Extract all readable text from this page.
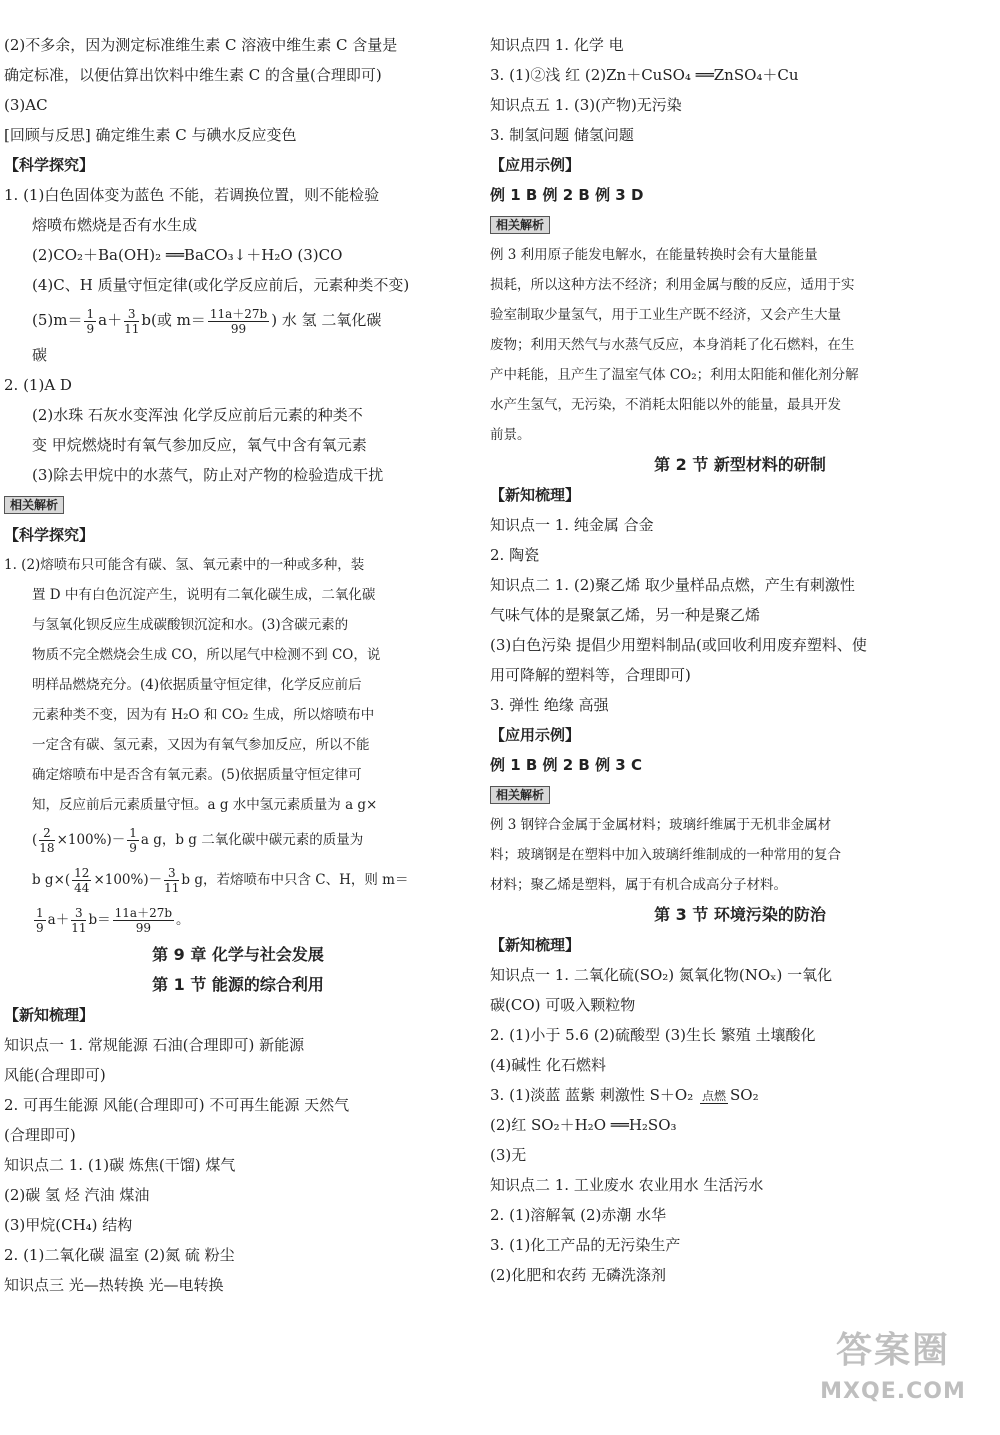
(2)不多余，因为测定标准维生素 C 溶液中维生素 C 含量是
确定标准，以便估算出饮料中维生素 C 的含量(合理即可)
(3)AC
[回顾与反思] 确定维生素 C 与碘水反应变色
【科学探究】
1. (1)白色固体变为蓝色 不能，若调换位置，则不能检验
熔喷布燃烧是否有水生成
(2)CO₂＋Ba(OH)₂ ══BaCO₃↓＋H₂O (3)CO
(4)C、H 质量守恒定律(或化学反应前后，元素种类不变)
$(5)m= \frac{1}{9} a+ \frac{3}{11} b$(或 $m= \frac{11a+27b}{99}$ ) 水 氢 二氧化碳
碳
2. (1)A D
(2)水珠 石灰水变浑浊 化学反应前后元素的种类不
变 甲烷燃烧时有氧气参加反应，氧气中含有氧元素
(3)除去甲烷中的水蒸气，防止对产物的检验造成干扰
相关解析
【科学探究】
1. (2)熔喷布只可能含有碳、氢、氧元素中的一种或多种，装
置 D 中有白色沉淀产生，说明有二氧化碳生成，二氧化碳
与氢氧化钡反应生成碳酸钡沉淀和水。(3)含碳元素的
物质不完全燃烧会生成 CO，所以尾气中检测不到 CO，说
明样品燃烧充分。(4)依据质量守恒定律，化学反应前后
元素种类不变，因为有 H₂O 和 CO₂ 生成，所以熔喷布中
一定含有碳、氢元素，又因为有氧气参加反应，所以不能
确定熔喷布中是否含有氧元素。(5)依据质量守恒定律可
知，反应前后元素质量守恒。a g 水中氢元素质量为 a g×
( $\frac{2}{18} \times 100\%)- \frac{1}{9}$ a g，b g 二氧化碳中碳元素的质量为
b $g\times( \frac{12}{44} \times 100\%)- \frac{3}{11}$ b g，若熔喷布中只含 C、H，则 m＝
$\frac{1}{9} a+ \frac{3}{11} b= \frac{11a+27b}{99}$ 。
第 9 章 化学与社会发展
第 1 节 能源的综合利用
【新知梳理】
知识点一 1. 常规能源 石油(合理即可) 新能源
风能(合理即可)
2. 可再生能源 风能(合理即可) 不可再生能源 天然气
(合理即可)
知识点二 1. (1)碳 炼焦(干馏) 煤气
(2)碳 氢 烃 汽油 煤油
(3)甲烷(CH₄) 结构
2. (1)二氧化碳 温室 (2)氮 硫 粉尘
知识点三 光—热转换 光—电转换
知识点四 1. 化学 电
3. (1)②浅 红 (2)Zn＋CuSO₄ ══ZnSO₄＋Cu
知识点五 1. (3)(产物)无污染
3. 制氢问题 储氢问题
【应用示例】
例 1 B 例 2 B 例 3 D
相关解析
例 3 利用原子能发电解水，在能量转换时会有大量能量
损耗，所以这种方法不经济；利用金属与酸的反应，适用于实
验室制取少量氢气，用于工业生产既不经济，又会产生大量
废物；利用天然气与水蒸气反应，本身消耗了化石燃料，在生
产中耗能，且产生了温室气体 CO₂；利用太阳能和催化剂分解
水产生氢气，无污染，不消耗太阳能以外的能量，最具开发
前景。
第 2 节 新型材料的研制
【新知梳理】
知识点一 1. 纯金属 合金
2. 陶瓷
知识点二 1. (2)聚乙烯 取少量样品点燃，产生有刺激性
气味气体的是聚氯乙烯，另一种是聚乙烯
(3)白色污染 提倡少用塑料制品(或回收利用废弃塑料、使
用可降解的塑料等，合理即可)
3. 弹性 绝缘 高强
【应用示例】
例 1 B 例 2 B 例 3 C
相关解析
例 3 钢锌合金属于金属材料；玻璃纤维属于无机非金属材
料；玻璃钢是在塑料中加入玻璃纤维制成的一种常用的复合
材料；聚乙烯是塑料，属于有机合成高分子材料。
第 3 节 环境污染的防治
【新知梳理】
知识点一 1. 二氧化硫(SO₂) 氮氧化物(NOₓ) 一氧化
碳(CO) 可吸入颗粒物
2. (1)小于 5.6 (2)硫酸型 (3)生长 繁殖 土壤酸化
(4)碱性 化石燃料
3. (1)淡蓝 蓝紫 刺激性 S＋O₂ 点燃 SO₂
(2)红 SO₂＋H₂O ══H₂SO₃
(3)无
知识点二 1. 工业废水 农业用水 生活污水
2. (1)溶解氧 (2)赤潮 水华
3. (1)化工产品的无污染生产
(2)化肥和农药 无磷洗涤剂
答案圈
MXQE.COM
